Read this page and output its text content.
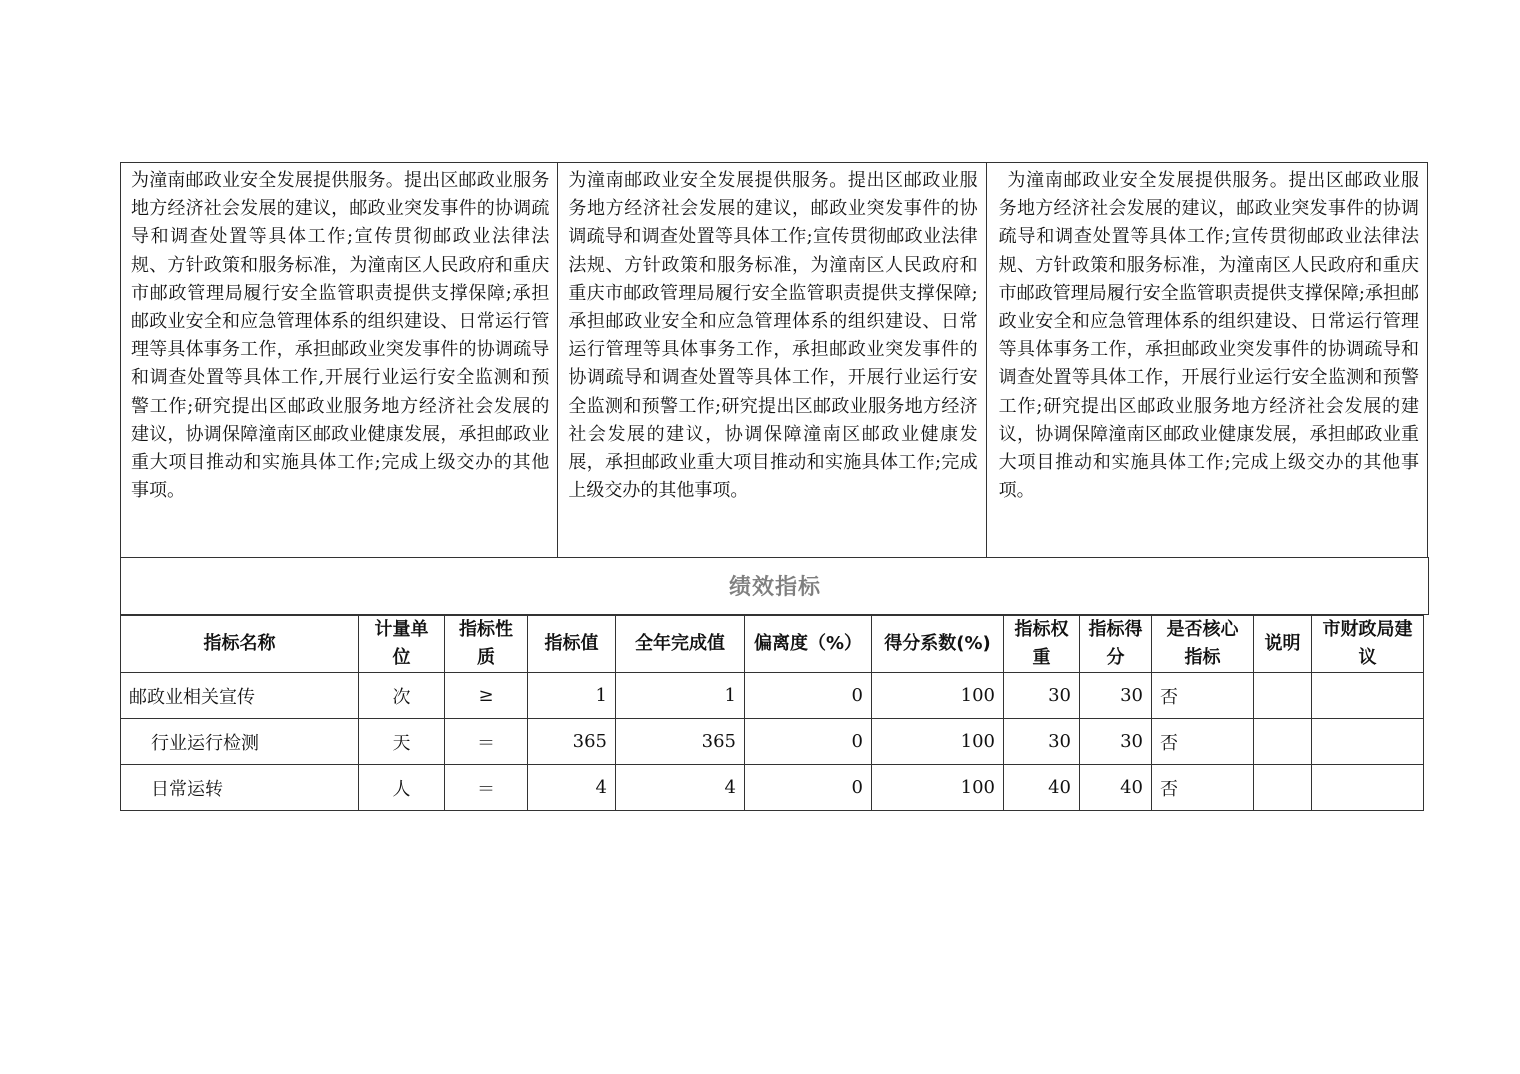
为潼南邮政业安全发展提供服务。提出区邮政业服务地方经济社会发展的建议，邮政业突发事件的协调疏导和调查处置等具体工作;宣传贯彻邮政业法律法规、方针政策和服务标准，为潼南区人民政府和重庆市邮政管理局履行安全监管职责提供支撑保障;承担邮政业安全和应急管理体系的组织建设、日常运行管理等具体事务工作，承担邮政业突发事件的协调疏导和调查处置等具体工作,开展行业运行安全监测和预警工作;研究提出区邮政业服务地方经济社会发展的建议，协调保障潼南区邮政业健康发展，承担邮政业重大项目推动和实施具体工作;完成上级交办的其他事项。
为潼南邮政业安全发展提供服务。提出区邮政业服务地方经济社会发展的建议，邮政业突发事件的协调疏导和调查处置等具体工作;宣传贯彻邮政业法律法规、方针政策和服务标准，为潼南区人民政府和重庆市邮政管理局履行安全监管职责提供支撑保障;承担邮政业安全和应急管理体系的组织建设、日常运行管理等具体事务工作，承担邮政业突发事件的协调疏导和调查处置等具体工作，开展行业运行安全监测和预警工作;研究提出区邮政业服务地方经济社会发展的建议，协调保障潼南区邮政业健康发展，承担邮政业重大项目推动和实施具体工作;完成上级交办的其他事项。
为潼南邮政业安全发展提供服务。提出区邮政业服务地方经济社会发展的建议，邮政业突发事件的协调疏导和调查处置等具体工作;宣传贯彻邮政业法律法规、方针政策和服务标准，为潼南区人民政府和重庆市邮政管理局履行安全监管职责提供支撑保障;承担邮政业安全和应急管理体系的组织建设、日常运行管理等具体事务工作，承担邮政业突发事件的协调疏导和调查处置等具体工作，开展行业运行安全监测和预警工作;研究提出区邮政业服务地方经济社会发展的建议，协调保障潼南区邮政业健康发展，承担邮政业重大项目推动和实施具体工作;完成上级交办的其他事项。
绩效指标
指标名称	计量单位	指标性质	指标值	全年完成值	偏离度（%）	得分系数(%)	指标权重	指标得分	是否核心指标	说明	市财政局建议
邮政业相关宣传	次	≥	1	1	0	100	30	30	否		
行业运行检测	天	＝	365	365	0	100	30	30	否		
日常运转	人	＝	4	4	0	100	40	40	否		
